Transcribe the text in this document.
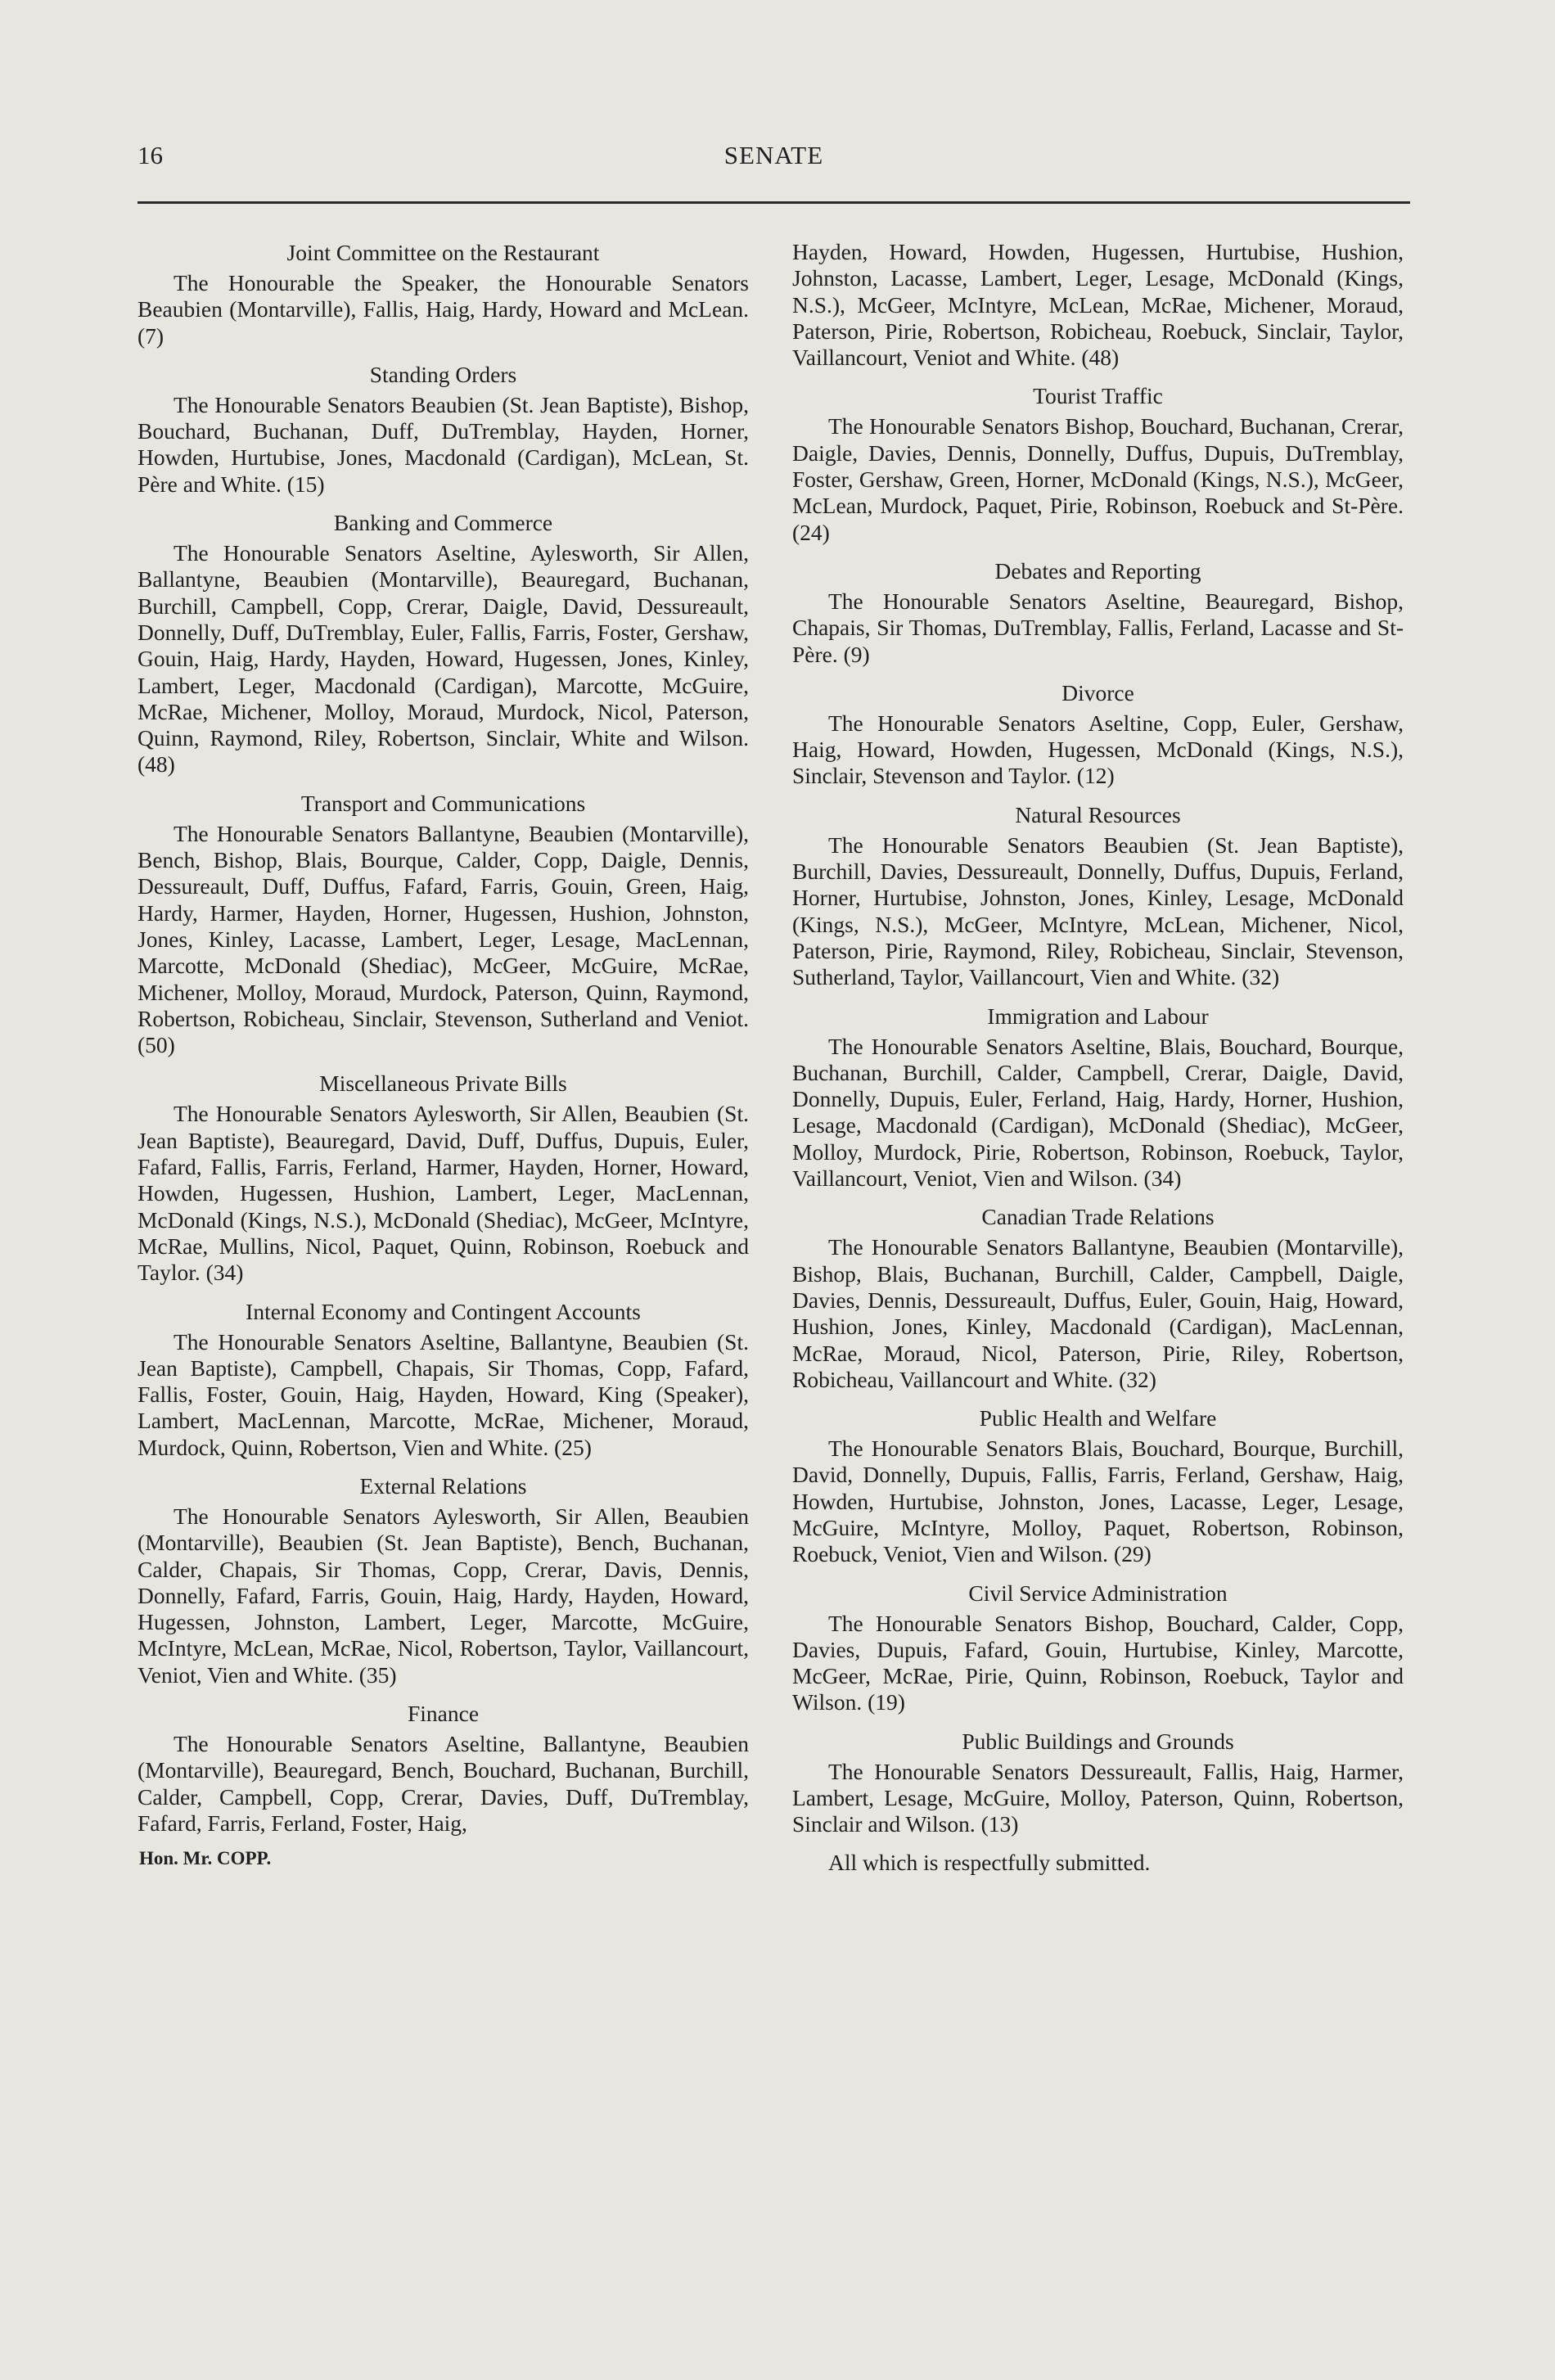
16	SENATE
Joint Committee on the Restaurant

The Honourable the Speaker, the Honourable Senators Beaubien (Montarville), Fallis, Haig, Hardy, Howard and McLean. (7)

Standing Orders

The Honourable Senators Beaubien (St. Jean Baptiste), Bishop, Bouchard, Buchanan, Duff, DuTremblay, Hayden, Horner, Howden, Hurtubise, Jones, Macdonald (Cardigan), McLean, St. Père and White. (15)

Banking and Commerce

The Honourable Senators Aseltine, Aylesworth, Sir Allen, Ballantyne, Beaubien (Montarville), Beauregard, Buchanan, Burchill, Campbell, Copp, Crerar, Daigle, David, Dessureault, Donnelly, Duff, DuTremblay, Euler, Fallis, Farris, Foster, Gershaw, Gouin, Haig, Hardy, Hayden, Howard, Hugessen, Jones, Kinley, Lambert, Leger, Macdonald (Cardigan), Marcotte, McGuire, McRae, Michener, Molloy, Moraud, Murdock, Nicol, Paterson, Quinn, Raymond, Riley, Robertson, Sinclair, White and Wilson. (48)

Transport and Communications

The Honourable Senators Ballantyne, Beaubien (Montarville), Bench, Bishop, Blais, Bourque, Calder, Copp, Daigle, Dennis, Dessureault, Duff, Duffus, Fafard, Farris, Gouin, Green, Haig, Hardy, Harmer, Hayden, Horner, Hugessen, Hushion, Johnston, Jones, Kinley, Lacasse, Lambert, Leger, Lesage, MacLennan, Marcotte, McDonald (Shediac), McGeer, McGuire, McRae, Michener, Molloy, Moraud, Murdock, Paterson, Quinn, Raymond, Robertson, Robicheau, Sinclair, Stevenson, Sutherland and Veniot. (50)

Miscellaneous Private Bills

The Honourable Senators Aylesworth, Sir Allen, Beaubien (St. Jean Baptiste), Beauregard, David, Duff, Duffus, Dupuis, Euler, Fafard, Fallis, Farris, Ferland, Harmer, Hayden, Horner, Howard, Howden, Hugessen, Hushion, Lambert, Leger, MacLennan, McDonald (Kings, N.S.), McDonald (Shediac), McGeer, McIntyre, McRae, Mullins, Nicol, Paquet, Quinn, Robinson, Roebuck and Taylor. (34)

Internal Economy and Contingent Accounts

The Honourable Senators Aseltine, Ballantyne, Beaubien (St. Jean Baptiste), Campbell, Chapais, Sir Thomas, Copp, Fafard, Fallis, Foster, Gouin, Haig, Hayden, Howard, King (Speaker), Lambert, MacLennan, Marcotte, McRae, Michener, Moraud, Murdock, Quinn, Robertson, Vien and White. (25)

External Relations

The Honourable Senators Aylesworth, Sir Allen, Beaubien (Montarville), Beaubien (St. Jean Baptiste), Bench, Buchanan, Calder, Chapais, Sir Thomas, Copp, Crerar, Davis, Dennis, Donnelly, Fafard, Farris, Gouin, Haig, Hardy, Hayden, Howard, Hugessen, Johnston, Lambert, Leger, Marcotte, McGuire, McIntyre, McLean, McRae, Nicol, Robertson, Taylor, Vaillancourt, Veniot, Vien and White. (35)

Finance

The Honourable Senators Aseltine, Ballantyne, Beaubien (Montarville), Beauregard, Bench, Bouchard, Buchanan, Burchill, Calder, Campbell, Copp, Crerar, Davies, Duff, DuTremblay, Fafard, Farris, Ferland, Foster, Haig,

Hon. Mr. COPP.

Hayden, Howard, Howden, Hugessen, Hurtubise, Hushion, Johnston, Lacasse, Lambert, Leger, Lesage, McDonald (Kings, N.S.), McGeer, McIntyre, McLean, McRae, Michener, Moraud, Paterson, Pirie, Robertson, Robicheau, Roebuck, Sinclair, Taylor, Vaillancourt, Veniot and White. (48)

Tourist Traffic

The Honourable Senators Bishop, Bouchard, Buchanan, Crerar, Daigle, Davies, Dennis, Donnelly, Duffus, Dupuis, DuTremblay, Foster, Gershaw, Green, Horner, McDonald (Kings, N.S.), McGeer, McLean, Murdock, Paquet, Pirie, Robinson, Roebuck and St-Père. (24)

Debates and Reporting

The Honourable Senators Aseltine, Beauregard, Bishop, Chapais, Sir Thomas, DuTremblay, Fallis, Ferland, Lacasse and St-Père. (9)

Divorce

The Honourable Senators Aseltine, Copp, Euler, Gershaw, Haig, Howard, Howden, Hugessen, McDonald (Kings, N.S.), Sinclair, Stevenson and Taylor. (12)

Natural Resources

The Honourable Senators Beaubien (St. Jean Baptiste), Burchill, Davies, Dessureault, Donnelly, Duffus, Dupuis, Ferland, Horner, Hurtubise, Johnston, Jones, Kinley, Lesage, McDonald (Kings, N.S.), McGeer, McIntyre, McLean, Michener, Nicol, Paterson, Pirie, Raymond, Riley, Robicheau, Sinclair, Stevenson, Sutherland, Taylor, Vaillancourt, Vien and White. (32)

Immigration and Labour

The Honourable Senators Aseltine, Blais, Bouchard, Bourque, Buchanan, Burchill, Calder, Campbell, Crerar, Daigle, David, Donnelly, Dupuis, Euler, Ferland, Haig, Hardy, Horner, Hushion, Lesage, Macdonald (Cardigan), McDonald (Shediac), McGeer, Molloy, Murdock, Pirie, Robertson, Robinson, Roebuck, Taylor, Vaillancourt, Veniot, Vien and Wilson. (34)

Canadian Trade Relations

The Honourable Senators Ballantyne, Beaubien (Montarville), Bishop, Blais, Buchanan, Burchill, Calder, Campbell, Daigle, Davies, Dennis, Dessureault, Duffus, Euler, Gouin, Haig, Howard, Hushion, Jones, Kinley, Macdonald (Cardigan), MacLennan, McRae, Moraud, Nicol, Paterson, Pirie, Riley, Robertson, Robicheau, Vaillancourt and White. (32)

Public Health and Welfare

The Honourable Senators Blais, Bouchard, Bourque, Burchill, David, Donnelly, Dupuis, Fallis, Farris, Ferland, Gershaw, Haig, Howden, Hurtubise, Johnston, Jones, Lacasse, Leger, Lesage, McGuire, McIntyre, Molloy, Paquet, Robertson, Robinson, Roebuck, Veniot, Vien and Wilson. (29)

Civil Service Administration

The Honourable Senators Bishop, Bouchard, Calder, Copp, Davies, Dupuis, Fafard, Gouin, Hurtubise, Kinley, Marcotte, McGeer, McRae, Pirie, Quinn, Robinson, Roebuck, Taylor and Wilson. (19)

Public Buildings and Grounds

The Honourable Senators Dessureault, Fallis, Haig, Harmer, Lambert, Lesage, McGuire, Molloy, Paterson, Quinn, Robertson, Sinclair and Wilson. (13)

All which is respectfully submitted.
